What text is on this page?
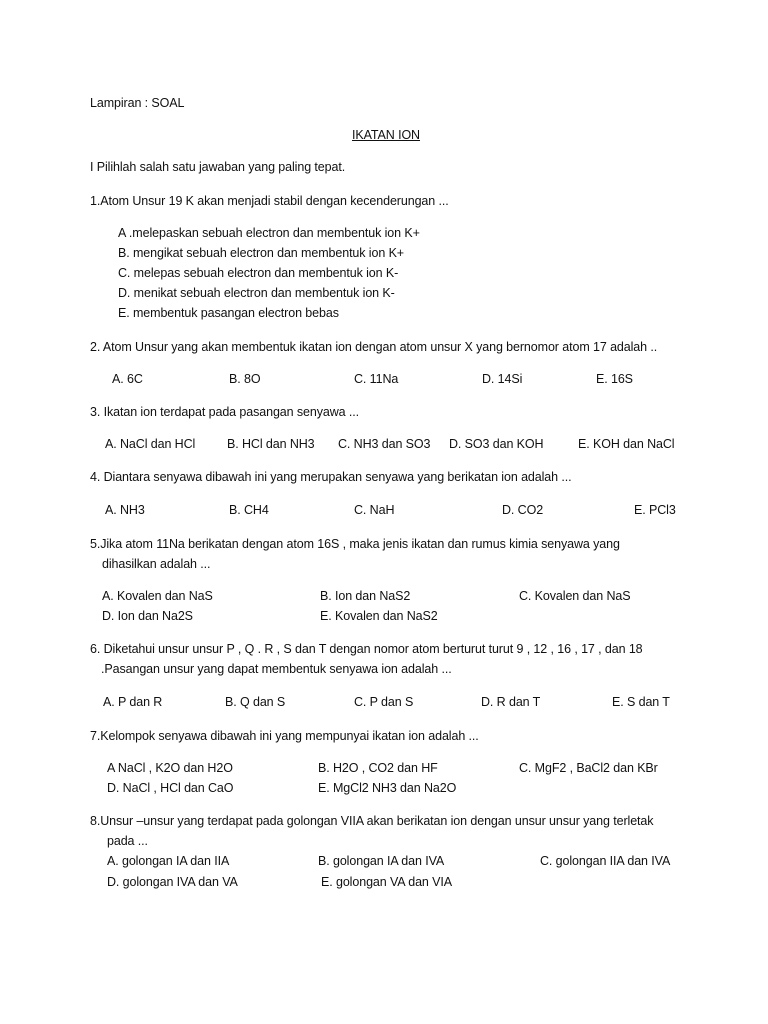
Lampiran : SOAL
IKATAN ION
I Pilihlah salah satu jawaban yang paling tepat.
1.Atom Unsur 19 K akan menjadi stabil dengan kecenderungan ...
A .melepaskan sebuah electron dan membentuk ion K+
B. mengikat sebuah electron dan membentuk ion K+
C. melepas sebuah electron dan membentuk ion K-
D. menikat sebuah electron dan membentuk ion K-
E. membentuk pasangan electron bebas
2. Atom Unsur yang akan membentuk ikatan ion dengan atom unsur X yang bernomor atom 17 adalah ..
A. 6C	B. 8O	C. 11Na	D. 14Si	E. 16S
3. Ikatan ion terdapat pada pasangan senyawa ...
A. NaCl dan HCl	B. HCl dan NH3 C. NH3 dan SO3 D. SO3 dan KOH	E. KOH dan NaCl
4. Diantara senyawa dibawah ini yang merupakan senyawa yang berikatan ion adalah ...
A. NH3	B. CH4	C. NaH	D. CO2	E. PCl3
5.Jika atom 11Na berikatan dengan atom 16S , maka jenis ikatan dan rumus kimia senyawa yang
dihasilkan adalah ...
A. Kovalen dan NaS	B. Ion dan NaS2	C. Kovalen dan NaS
D. Ion dan Na2S	E. Kovalen dan NaS2
6. Diketahui unsur unsur P , Q . R , S dan T dengan nomor atom berturut turut 9 , 12 , 16 , 17 , dan 18
.Pasangan unsur yang dapat membentuk senyawa ion adalah ...
A. P dan R	B. Q dan S	C. P dan S	D. R dan T	E. S dan T
7.Kelompok senyawa dibawah ini yang mempunyai ikatan ion adalah ...
A NaCl , K2O dan H2O	B. H2O , CO2 dan HF	C. MgF2 , BaCl2 dan KBr
D. NaCl , HCl dan CaO	E. MgCl2 NH3 dan Na2O
8.Unsur –unsur yang terdapat pada golongan VIIA akan berikatan ion dengan unsur unsur yang terletak
pada ...
A. golongan IA dan IIA	B. golongan IA dan IVA	C. golongan IIA dan IVA
D. golongan IVA dan VA	E. golongan VA dan VIA
